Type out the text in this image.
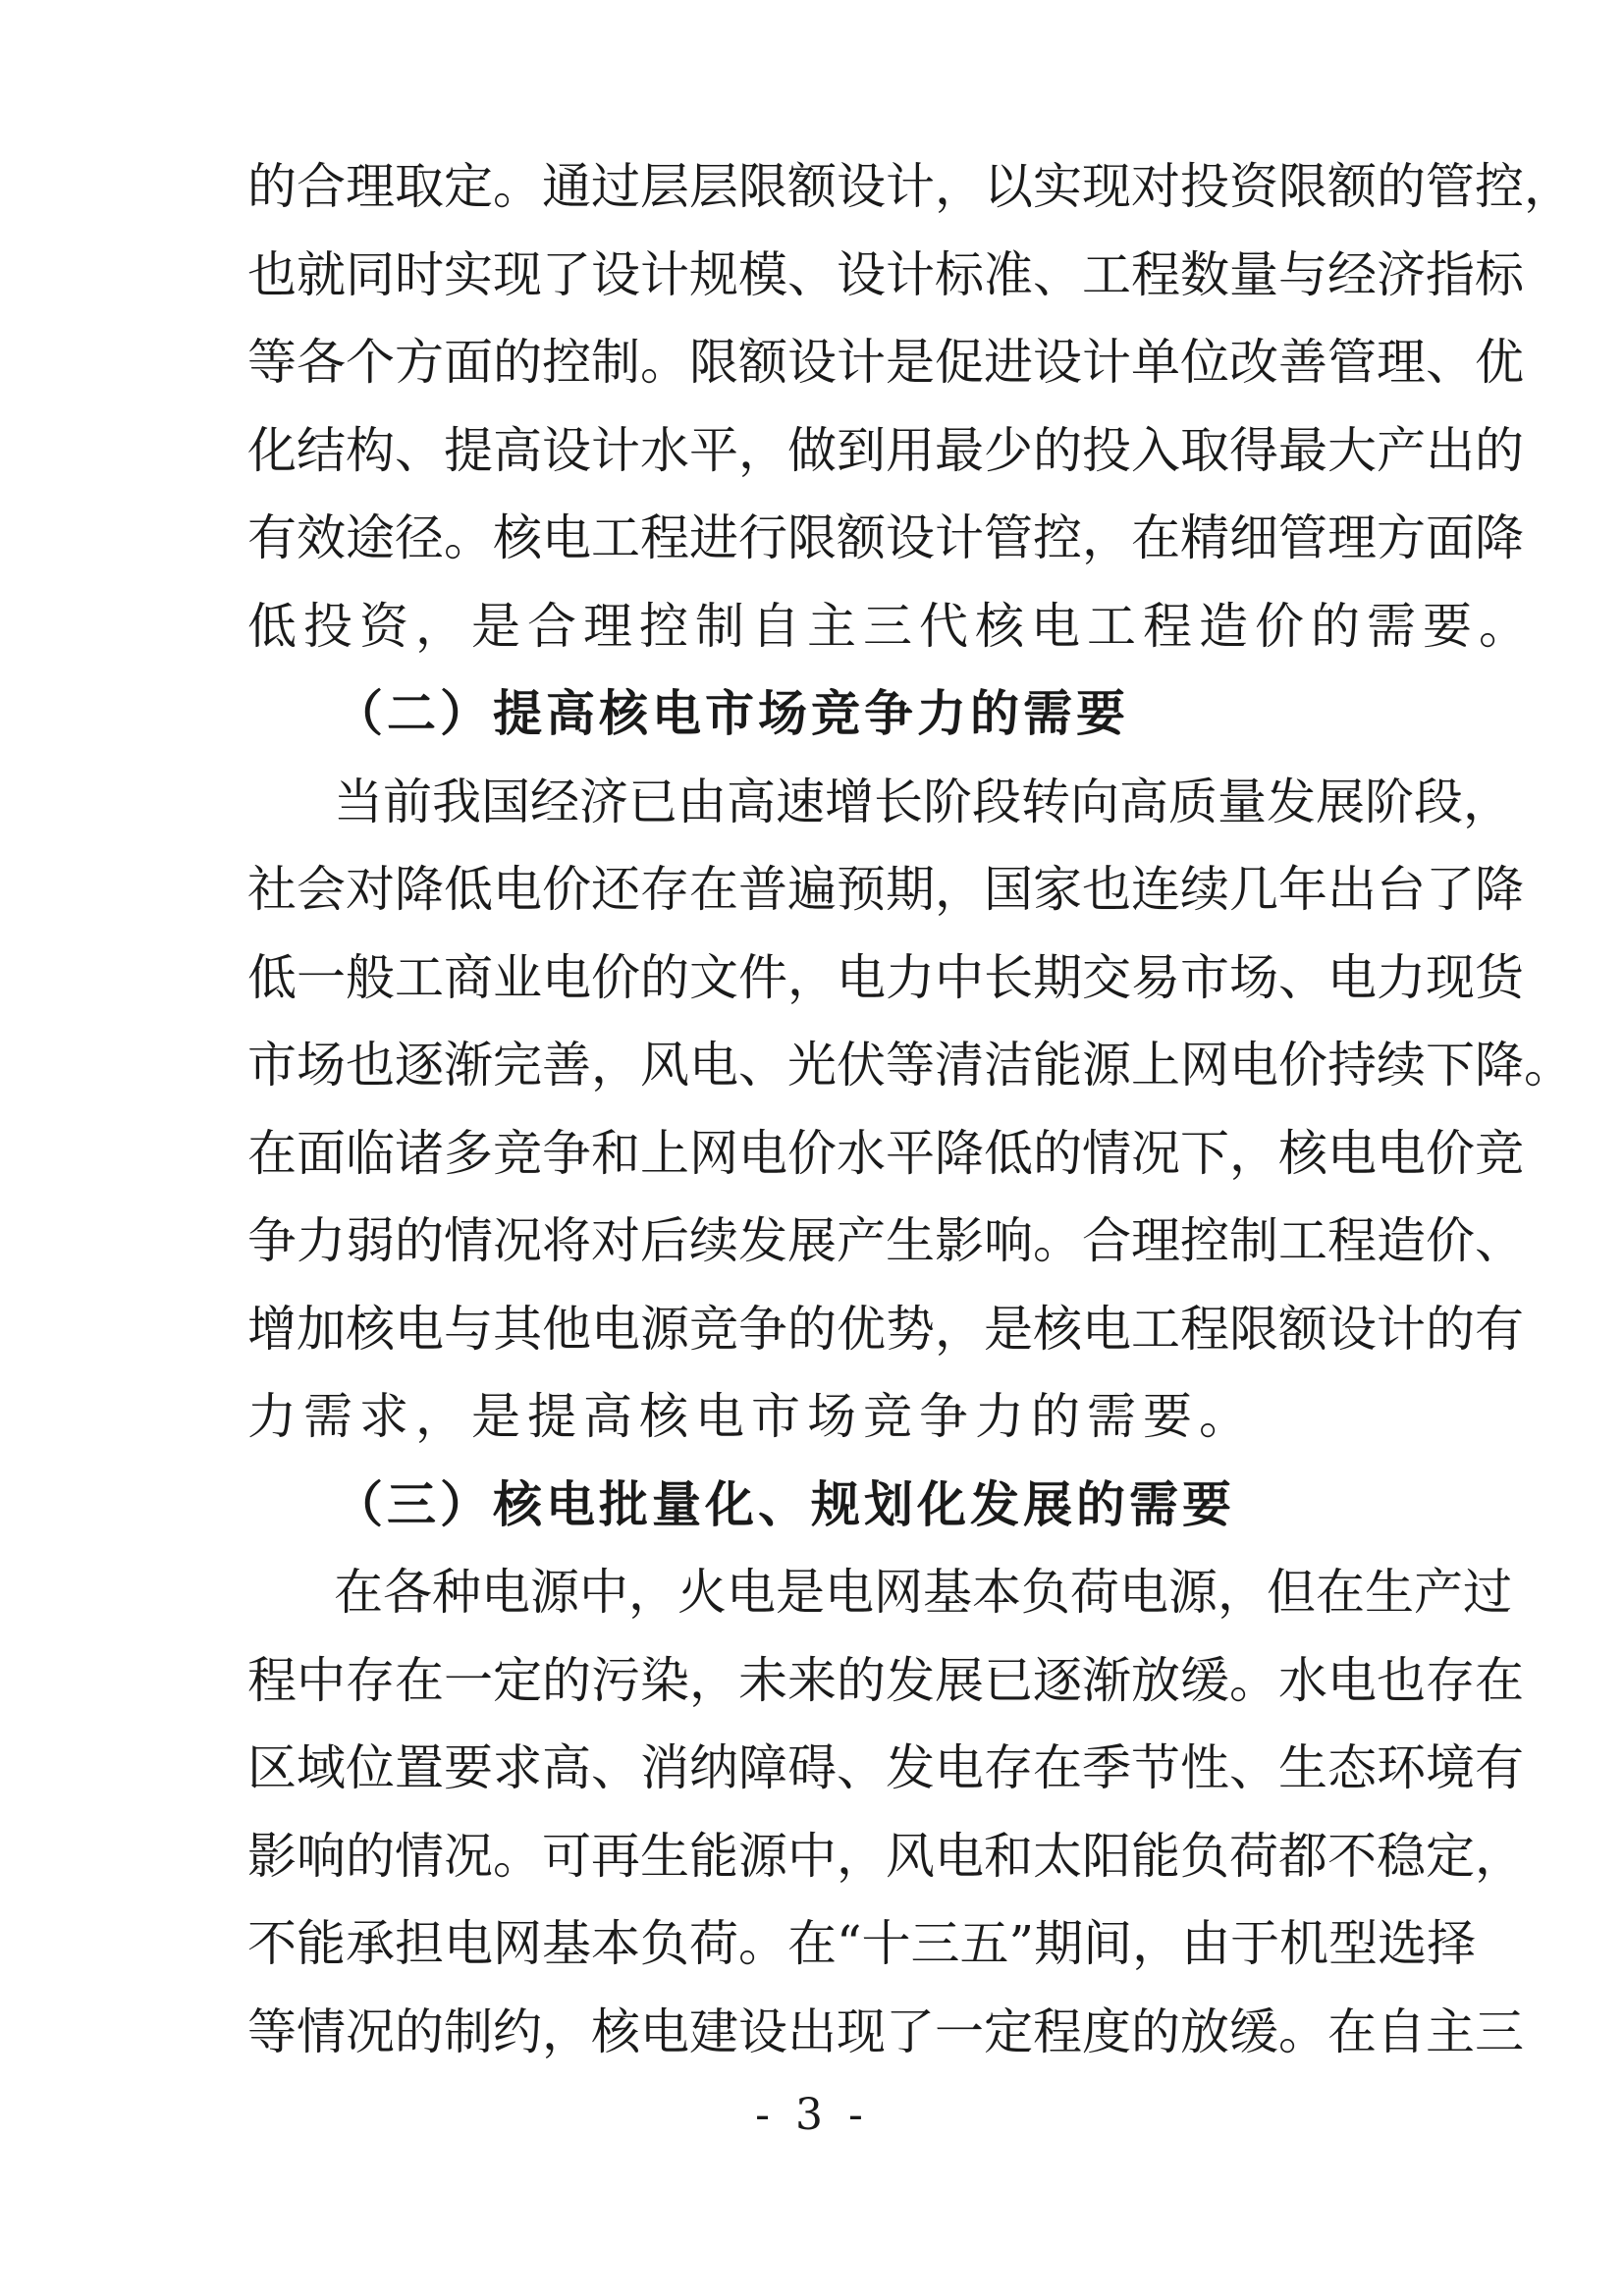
的合理取定。通过层层限额设计，以实现对投资限额的管控，
也就同时实现了设计规模、设计标准、工程数量与经济指标
等各个方面的控制。限额设计是促进设计单位改善管理、优
化结构、提高设计水平，做到用最少的投入取得最大产出的
有效途径。核电工程进行限额设计管控，在精细管理方面降
低投资，是合理控制自主三代核电工程造价的需要。
（二）提高核电市场竞争力的需要
当前我国经济已由高速增长阶段转向高质量发展阶段，
社会对降低电价还存在普遍预期，国家也连续几年出台了降
低一般工商业电价的文件，电力中长期交易市场、电力现货
市场也逐渐完善，风电、光伏等清洁能源上网电价持续下降。
在面临诸多竞争和上网电价水平降低的情况下，核电电价竞
争力弱的情况将对后续发展产生影响。合理控制工程造价、
增加核电与其他电源竞争的优势，是核电工程限额设计的有
力需求，是提高核电市场竞争力的需要。
（三）核电批量化、规划化发展的需要
在各种电源中，火电是电网基本负荷电源，但在生产过
程中存在一定的污染，未来的发展已逐渐放缓。水电也存在
区域位置要求高、消纳障碍、发电存在季节性、生态环境有
影响的情况。可再生能源中，风电和太阳能负荷都不稳定，
不能承担电网基本负荷。在“十三五”期间，由于机型选择
等情况的制约，核电建设出现了一定程度的放缓。在自主三
- 3 -
